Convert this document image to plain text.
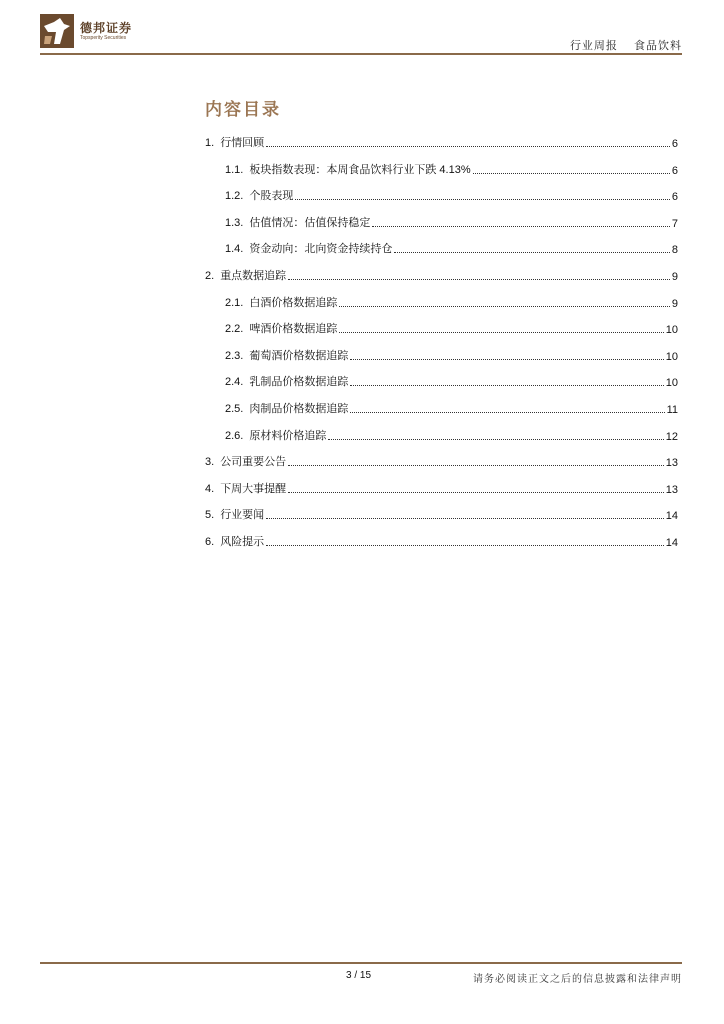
德邦证券
Topsperity Securities
行业周报 食品饮料
内容目录
1. 行情回顾	6
1.1. 板块指数表现：本周食品饮料行业下跌 4.13%	6
1.2. 个股表现	6
1.3. 估值情况：估值保持稳定	7
1.4. 资金动向：北向资金持续持仓	8
2. 重点数据追踪	9
2.1. 白酒价格数据追踪	9
2.2. 啤酒价格数据追踪	10
2.3. 葡萄酒价格数据追踪	10
2.4. 乳制品价格数据追踪	10
2.5. 肉制品价格数据追踪	11
2.6. 原材料价格追踪	12
3. 公司重要公告	13
4. 下周大事提醒	13
5. 行业要闻	14
6. 风险提示	14
3 / 15	请务必阅读正文之后的信息披露和法律声明
